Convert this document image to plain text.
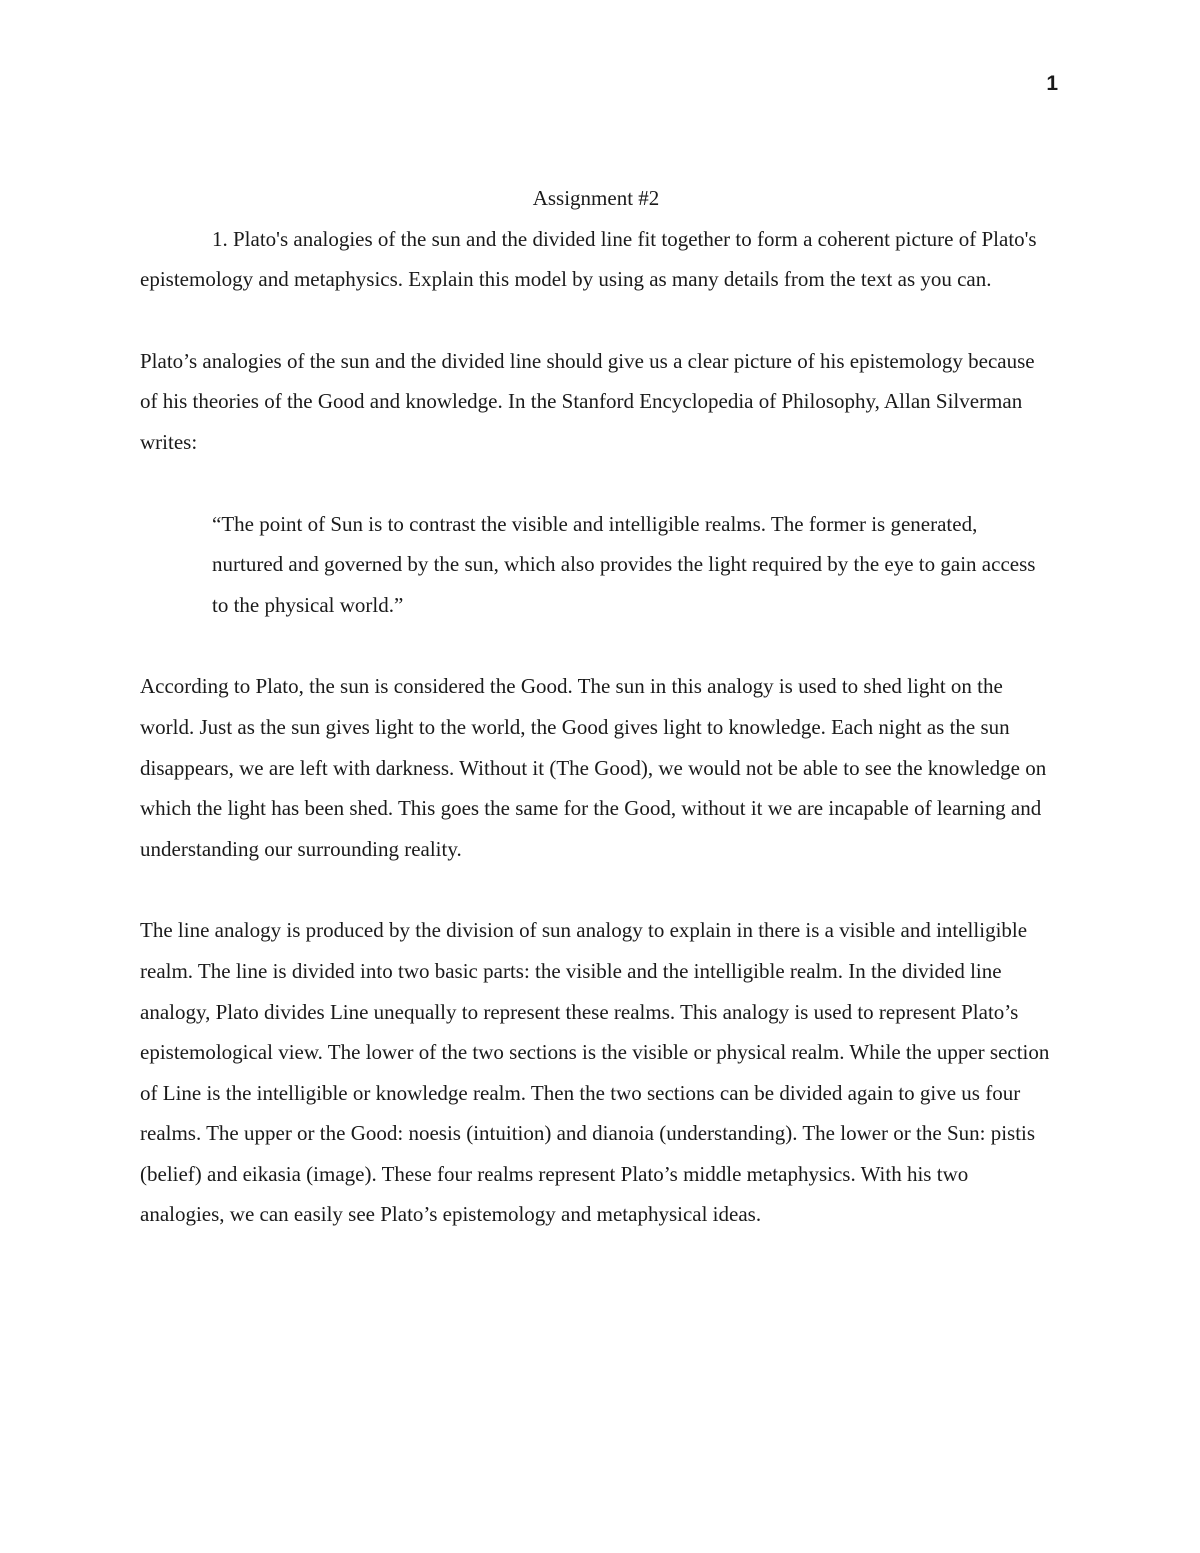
1

Assignment #2

1. Plato's analogies of the sun and the divided line fit together to form a coherent picture of Plato's epistemology and metaphysics. Explain this model by using as many details from the text as you can.

Plato’s analogies of the sun and the divided line should give us a clear picture of his epistemology because of his theories of the Good and knowledge. In the Stanford Encyclopedia of Philosophy, Allan Silverman writes:

“The point of Sun is to contrast the visible and intelligible realms. The former is generated, nurtured and governed by the sun, which also provides the light required by the eye to gain access to the physical world.”

According to Plato, the sun is considered the Good. The sun in this analogy is used to shed light on the world. Just as the sun gives light to the world, the Good gives light to knowledge. Each night as the sun disappears, we are left with darkness. Without it (The Good), we would not be able to see the knowledge on which the light has been shed. This goes the same for the Good, without it we are incapable of learning and understanding our surrounding reality.

The line analogy is produced by the division of sun analogy to explain in there is a visible and intelligible realm. The line is divided into two basic parts: the visible and the intelligible realm. In the divided line analogy, Plato divides Line unequally to represent these realms. This analogy is used to represent Plato’s epistemological view. The lower of the two sections is the visible or physical realm. While the upper section of Line is the intelligible or knowledge realm. Then the two sections can be divided again to give us four realms. The upper or the Good: noesis (intuition) and dianoia (understanding). The lower or the Sun: pistis (belief) and eikasia (image). These four realms represent Plato’s middle metaphysics. With his two analogies, we can easily see Plato’s epistemology and metaphysical ideas.
